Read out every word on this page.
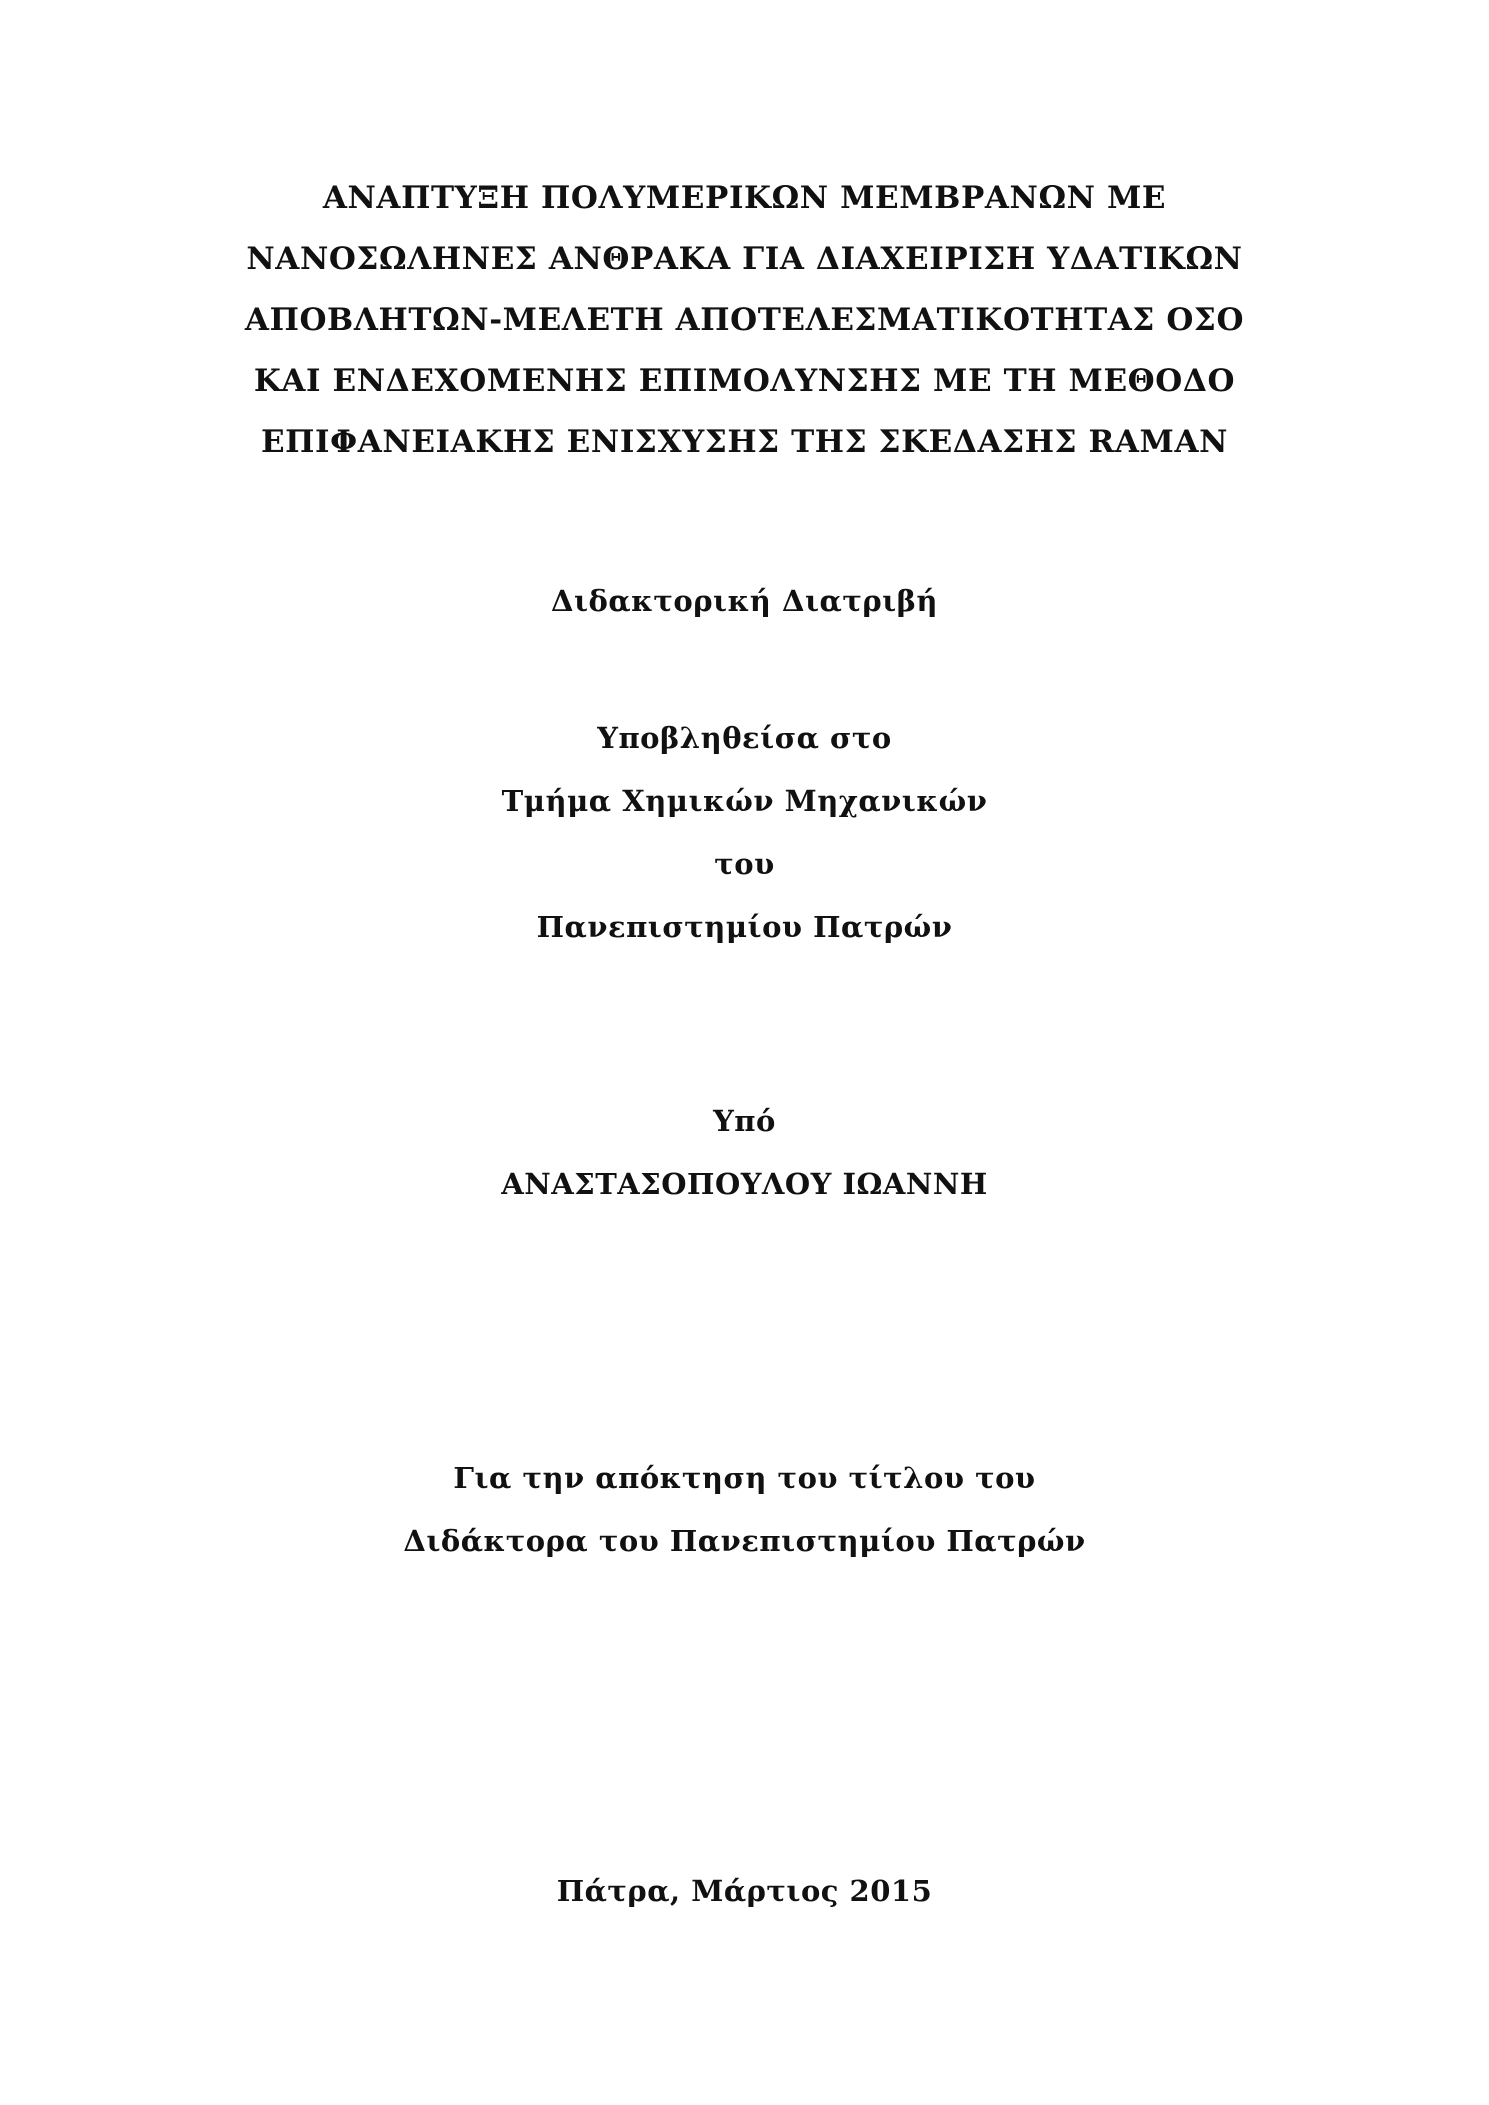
ΑΝΑΠΤΥΞΗ ΠΟΛΥΜΕΡΙΚΩΝ ΜΕΜΒΡΑΝΩΝ ΜΕ
ΝΑΝΟΣΩΛΗΝΕΣ ΑΝΘΡΑΚΑ ΓΙΑ ΔΙΑΧΕΙΡΙΣΗ ΥΔΑΤΙΚΩΝ
ΑΠΟΒΛΗΤΩΝ-ΜΕΛΕΤΗ ΑΠΟΤΕΛΕΣΜΑΤΙΚΟΤΗΤΑΣ ΟΣΟ
ΚΑΙ ΕΝΔΕΧΟΜΕΝΗΣ ΕΠΙΜΟΛΥΝΣΗΣ ΜΕ ΤΗ ΜΕΘΟΔΟ
ΕΠΙΦΑΝΕΙΑΚΗΣ ΕΝΙΣΧΥΣΗΣ ΤΗΣ ΣΚΕΔΑΣΗΣ RAMAN
Διδακτορική Διατριβή
Υποβληθείσα στο
Τμήμα Χημικών Μηχανικών
του
Πανεπιστημίου Πατρών
Υπό
ΑΝΑΣΤΑΣΟΠΟΥΛΟΥ ΙΩΑΝΝΗ
Για την απόκτηση του τίτλου του
Διδάκτορα του Πανεπιστημίου Πατρών
Πάτρα, Μάρτιος 2015
